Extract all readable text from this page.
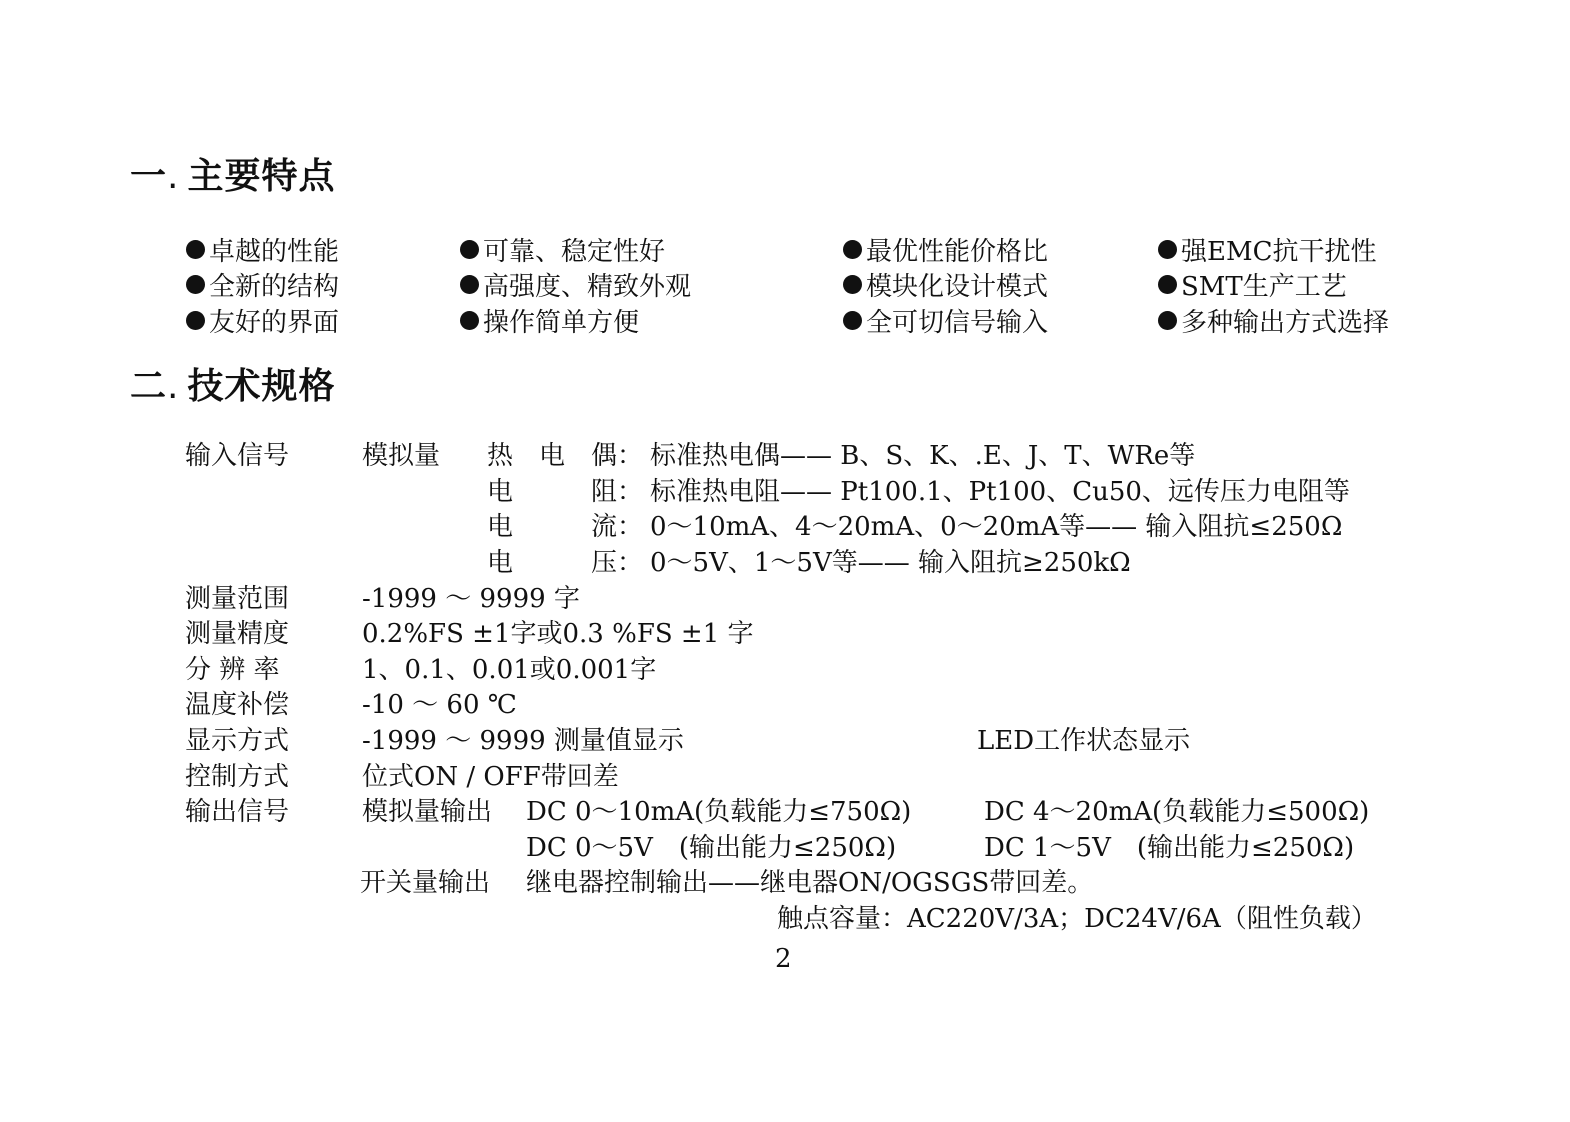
一. 主要特点
卓越的性能
全新的结构
友好的界面
可靠、稳定性好
高强度、精致外观
操作简单方便
最优性能价格比
模块化设计模式
全可切信号输入
强EMC抗干扰性
SMT生产工艺
多种输出方式选择
二. 技术规格
输入信号	模拟量 热　电　偶： 标准热电偶—— B、S、K、.E、J、T、WRe等
电　　　阻： 标准热电阻—— Pt100.1、Pt100、Cu50、远传压力电阻等
电　　　流： 0～10mA、4～20mA、0～20mA等—— 输入阻抗≤250Ω
电　　　压： 0～5V、1～5V等—— 输入阻抗≥250kΩ
测量范围	-1999 ～ 9999 字
测量精度	0.2%FS ±1字或0.3 %FS ±1 字
分 辨 率	1、0.1、0.01或0.001字
温度补偿	-10 ～ 60 ℃
显示方式	-1999 ～ 9999 测量值显示	LED工作状态显示
控制方式	位式ON / OFF带回差
输出信号	模拟量输出 DC 0～10mA(负载能力≤750Ω)	DC 4～20mA(负载能力≤500Ω)
DC 0～5V　(输出能力≤250Ω)	DC 1～5V　(输出能力≤250Ω)
开关量输出 继电器控制输出——继电器ON/OGSGS带回差。
触点容量：AC220V/3A；DC24V/6A（阻性负载）
2
